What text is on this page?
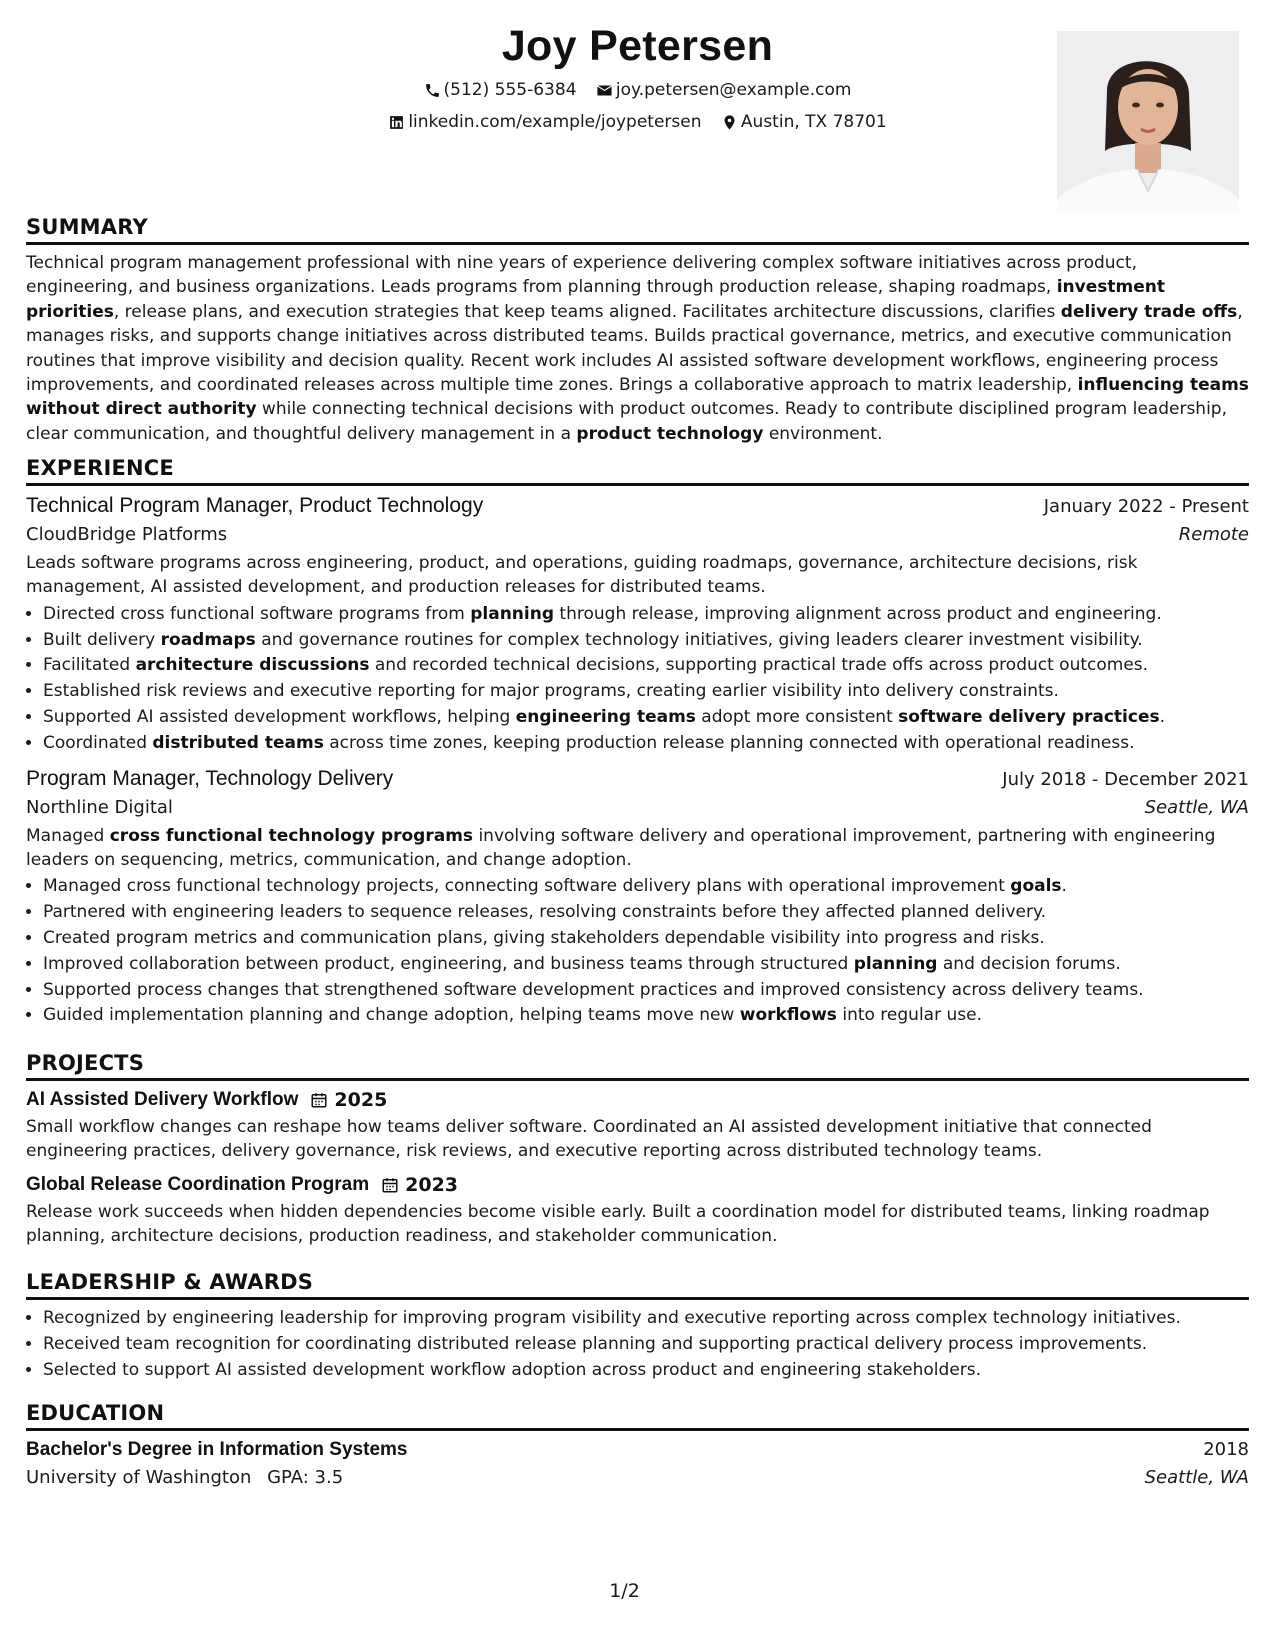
Joy Petersen
(512) 555-6384
joy.petersen@example.com
linkedin.com/example/joypetersen
Austin, TX 78701
SUMMARY

Technical program management professional with nine years of experience delivering complex software initiatives across product, engineering, and business organizations. Leads programs from planning through production release, shaping roadmaps, investment priorities, release plans, and execution strategies that keep teams aligned. Facilitates architecture discussions, clarifies delivery trade offs, manages risks, and supports change initiatives across distributed teams. Builds practical governance, metrics, and executive communication routines that improve visibility and decision quality. Recent work includes AI assisted software development workflows, engineering process improvements, and coordinated releases across multiple time zones. Brings a collaborative approach to matrix leadership, influencing teams without direct authority while connecting technical decisions with product outcomes. Ready to contribute disciplined program leadership, clear communication, and thoughtful delivery management in a product technology environment.

EXPERIENCE
Technical Program Manager, Product Technology	January 2022 - Present
CloudBridge Platforms	Remote

Leads software programs across engineering, product, and operations, guiding roadmaps, governance, architecture decisions, risk management, AI assisted development, and production releases for distributed teams.

• Directed cross functional software programs from planning through release, improving alignment across product and engineering.
• Built delivery roadmaps and governance routines for complex technology initiatives, giving leaders clearer investment visibility.
• Facilitated architecture discussions and recorded technical decisions, supporting practical trade offs across product outcomes.
• Established risk reviews and executive reporting for major programs, creating earlier visibility into delivery constraints.
• Supported AI assisted development workflows, helping engineering teams adopt more consistent software delivery practices.
• Coordinated distributed teams across time zones, keeping production release planning connected with operational readiness.
Program Manager, Technology Delivery	July 2018 - December 2021
Northline Digital	Seattle, WA

Managed cross functional technology programs involving software delivery and operational improvement, partnering with engineering leaders on sequencing, metrics, communication, and change adoption.

• Managed cross functional technology projects, connecting software delivery plans with operational improvement goals.
• Partnered with engineering leaders to sequence releases, resolving constraints before they affected planned delivery.
• Created program metrics and communication plans, giving stakeholders dependable visibility into progress and risks.
• Improved collaboration between product, engineering, and business teams through structured planning and decision forums.
• Supported process changes that strengthened software development practices and improved consistency across delivery teams.
• Guided implementation planning and change adoption, helping teams move new workflows into regular use.
PROJECTS
AI Assisted Delivery Workflow 2025

Small workflow changes can reshape how teams deliver software. Coordinated an AI assisted development initiative that connected engineering practices, delivery governance, risk reviews, and executive reporting across distributed technology teams.

Global Release Coordination Program 2023

Release work succeeds when hidden dependencies become visible early. Built a coordination model for distributed teams, linking roadmap planning, architecture decisions, production readiness, and stakeholder communication.

LEADERSHIP & AWARDS
• Recognized by engineering leadership for improving program visibility and executive reporting across complex technology initiatives.
• Received team recognition for coordinating distributed release planning and supporting practical delivery process improvements.
• Selected to support AI assisted development workflow adoption across product and engineering stakeholders.
EDUCATION
Bachelor's Degree in Information Systems	2018
University of Washington GPA: 3.5	Seattle, WA
1/2
